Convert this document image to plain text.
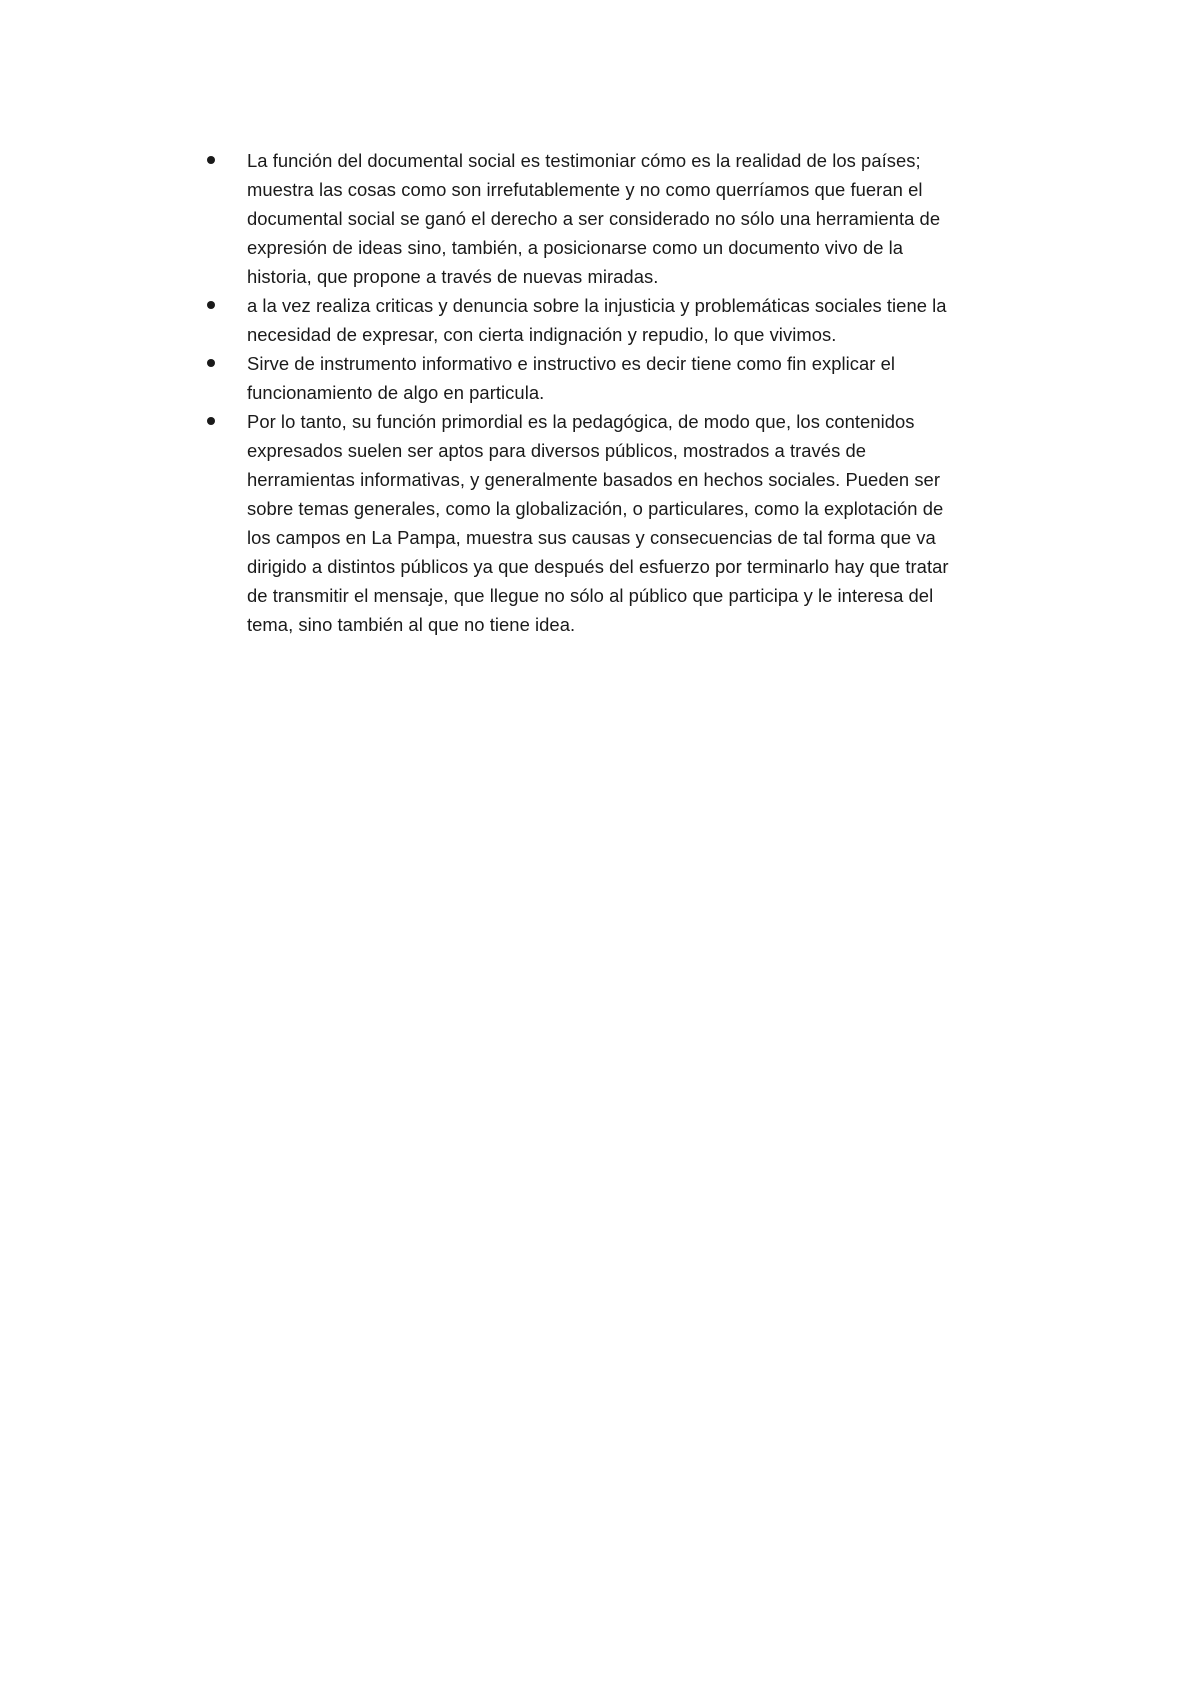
La función del documental social es testimoniar cómo es la realidad de los países;
muestra las cosas como son irrefutablemente y no como querríamos que fueran el
documental social se ganó el derecho a ser considerado no sólo una herramienta de
expresión de ideas sino, también, a posicionarse como un documento vivo de la
historia, que propone a través de nuevas miradas.
a la vez realiza criticas y denuncia sobre la injusticia y problemáticas sociales tiene la
necesidad de expresar, con cierta indignación y repudio, lo que vivimos.
Sirve de instrumento informativo e instructivo es decir tiene como fin explicar el
funcionamiento de algo en particula.
Por lo tanto, su función primordial es la pedagógica, de modo que, los contenidos
expresados suelen ser aptos para diversos públicos, mostrados a través de
herramientas informativas, y generalmente basados en hechos sociales. Pueden ser
sobre temas generales, como la globalización, o particulares, como la explotación de
los campos en La Pampa, muestra sus causas y consecuencias de tal forma que va
dirigido a distintos públicos ya que después del esfuerzo por terminarlo hay que tratar
de transmitir el mensaje, que llegue no sólo al público que participa y le interesa del
tema, sino también al que no tiene idea.
